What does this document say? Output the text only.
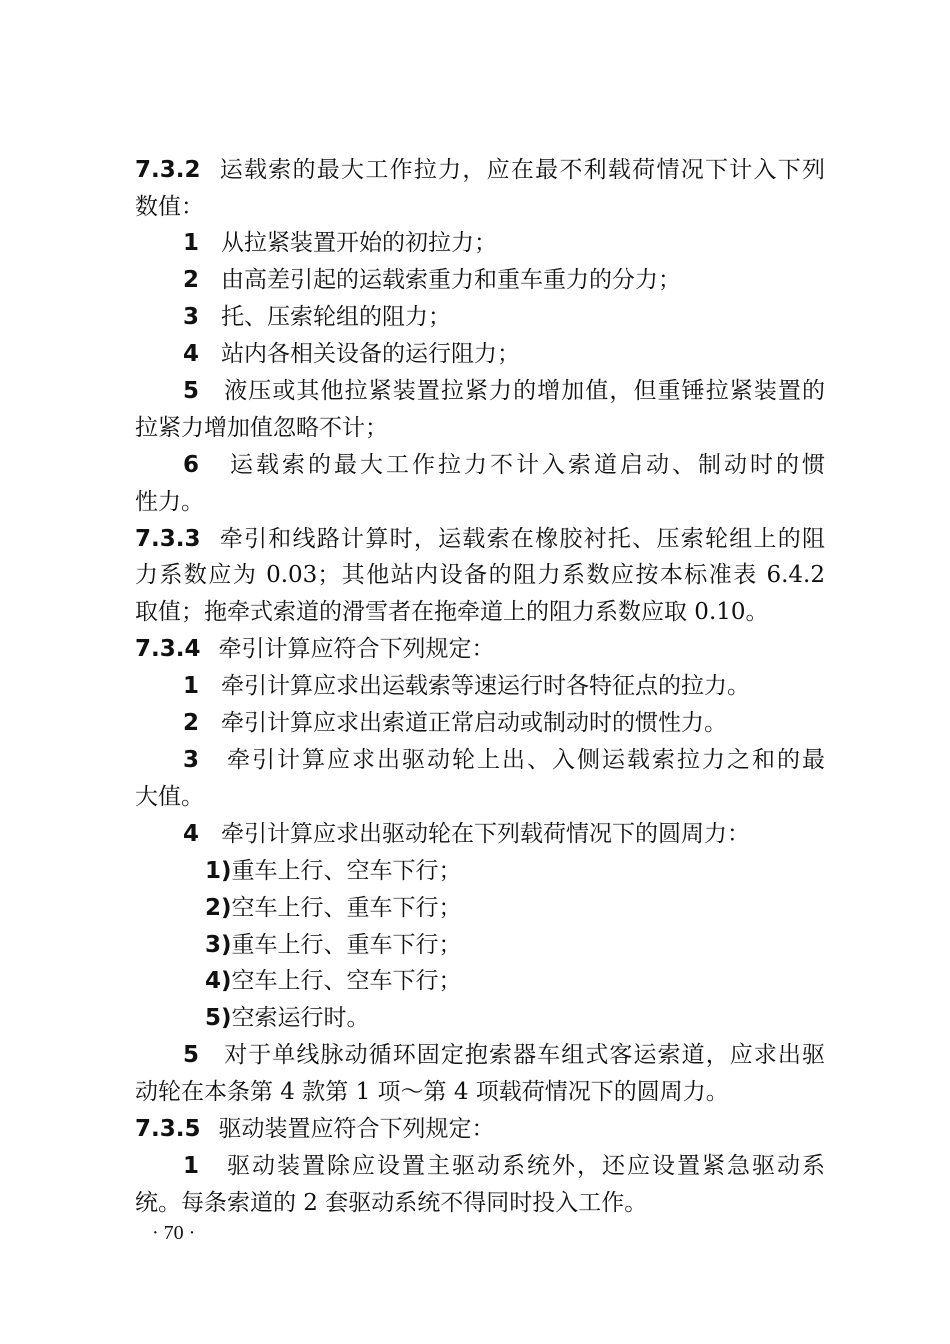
7.3.2 运载索的最大工作拉力，应在最不利载荷情况下计入下列
数值：
1 从拉紧装置开始的初拉力；
2 由高差引起的运载索重力和重车重力的分力；
3 托、压索轮组的阻力；
4 站内各相关设备的运行阻力；
5 液压或其他拉紧装置拉紧力的增加值，但重锤拉紧装置的
拉紧力增加值忽略不计；
6 运载索的最大工作拉力不计入索道启动、制动时的惯
性力。
7.3.3 牵引和线路计算时，运载索在橡胶衬托、压索轮组上的阻
力系数应为 0.03；其他站内设备的阻力系数应按本标准表 6.4.2
取值；拖牵式索道的滑雪者在拖牵道上的阻力系数应取 0.10。
7.3.4 牵引计算应符合下列规定：
1 牵引计算应求出运载索等速运行时各特征点的拉力。
2 牵引计算应求出索道正常启动或制动时的惯性力。
3 牵引计算应求出驱动轮上出、入侧运载索拉力之和的最
大值。
4 牵引计算应求出驱动轮在下列载荷情况下的圆周力：
1)重车上行、空车下行；
2)空车上行、重车下行；
3)重车上行、重车下行；
4)空车上行、空车下行；
5)空索运行时。
5 对于单线脉动循环固定抱索器车组式客运索道，应求出驱
动轮在本条第 4 款第 1 项～第 4 项载荷情况下的圆周力。
7.3.5 驱动装置应符合下列规定：
1 驱动装置除应设置主驱动系统外，还应设置紧急驱动系
统。每条索道的 2 套驱动系统不得同时投入工作。
· 70 ·
